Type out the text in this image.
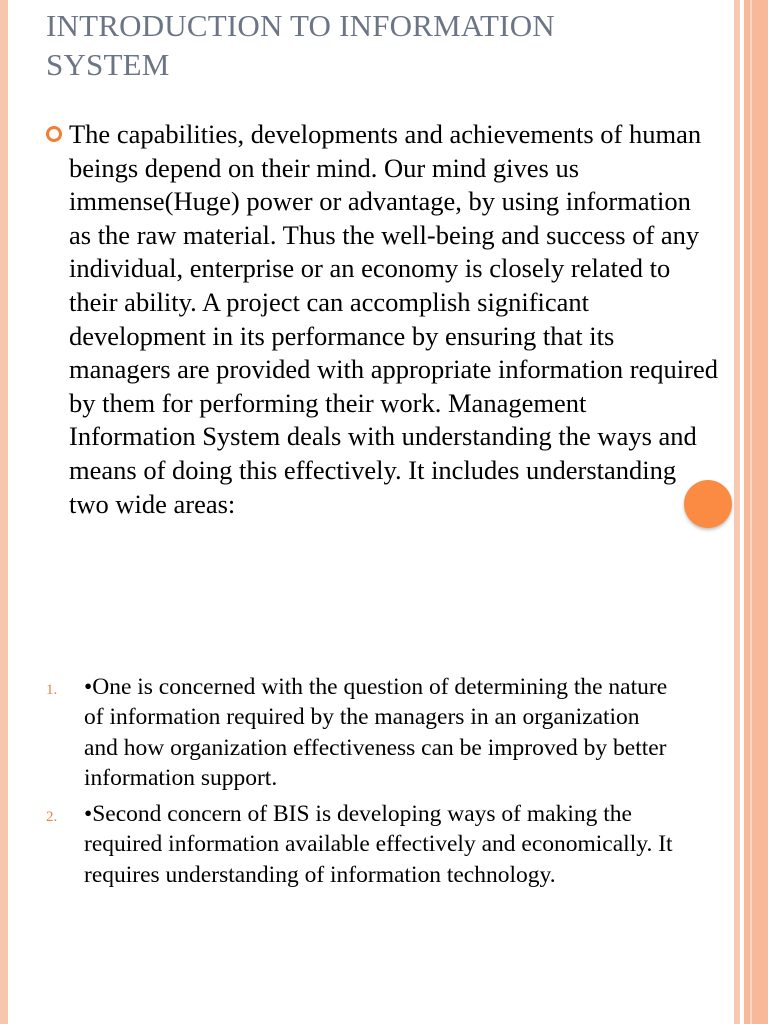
INTRODUCTION TO INFORMATION SYSTEM

The capabilities, developments and achievements of human beings depend on their mind. Our mind gives us immense(Huge) power or advantage, by using information as the raw material. Thus the well-being and success of any individual, enterprise or an economy is closely related to their ability. A project can accomplish significant development in its performance by ensuring that its managers are provided with appropriate information required by them for performing their work. Management Information System deals with understanding the ways and means of doing this effectively. It includes understanding two wide areas:

1. •One is concerned with the question of determining the nature of information required by the managers in an organization and how organization effectiveness can be improved by better information support.
2. •Second concern of BIS is developing ways of making the required information available effectively and economically. It requires understanding of information technology.
